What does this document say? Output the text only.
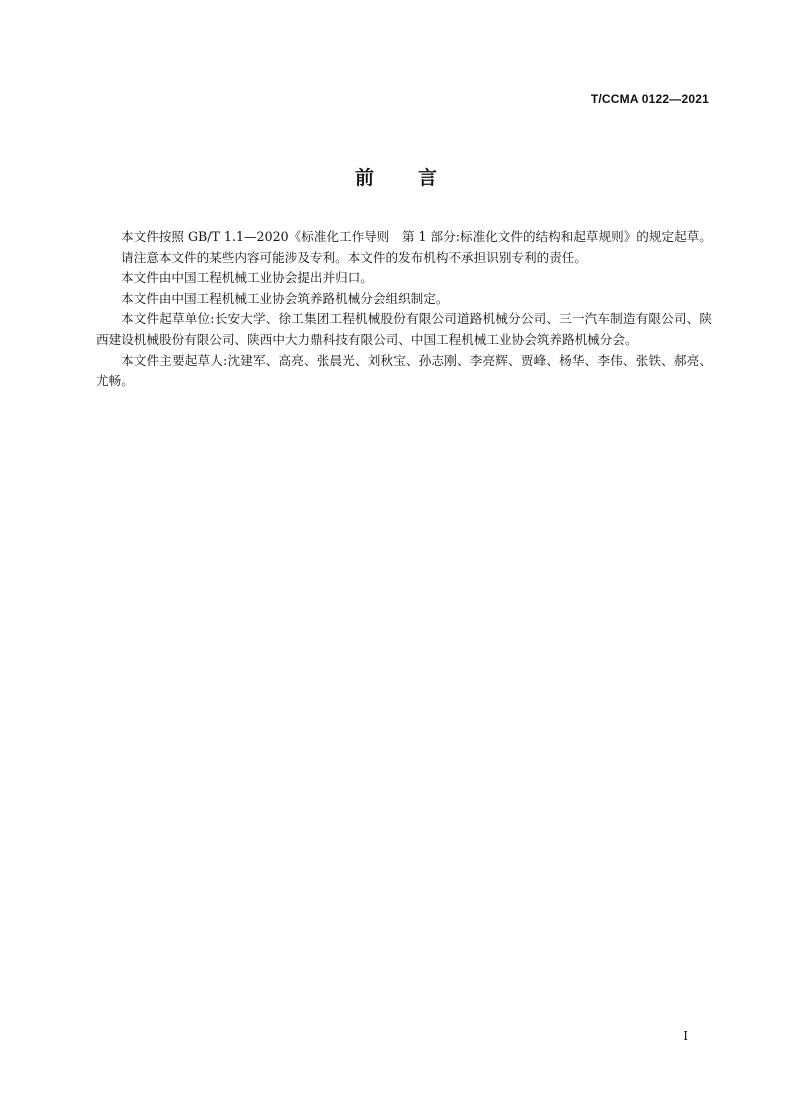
T/CCMA 0122—2021
前 言

本文件按照 GB/T 1.1—2020《标准化工作导则　第 1 部分:标准化文件的结构和起草规则》的规定起草。

请注意本文件的某些内容可能涉及专利。本文件的发布机构不承担识别专利的责任。

本文件由中国工程机械工业协会提出并归口。

本文件由中国工程机械工业协会筑养路机械分会组织制定。

本文件起草单位:长安大学、徐工集团工程机械股份有限公司道路机械分公司、三一汽车制造有限公司、陕西建设机械股份有限公司、陕西中大力鼎科技有限公司、中国工程机械工业协会筑养路机械分会。

本文件主要起草人:沈建军、高亮、张晨光、刘秋宝、孙志刚、李亮辉、贾峰、杨华、李伟、张铁、郝亮、尤畅。

I
